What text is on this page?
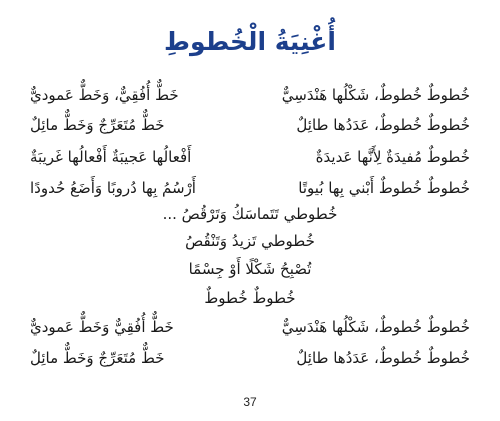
أُغْنِيَةُ الْخُطوطِ
خُطوطٌ خُطوطٌ، شَكْلُها هَنْدَسِيٌّ
خَطٌّ أُفُقِيٌّ، وَخَطٌّ عَموديٌّ
خُطوطٌ خُطوطٌ، عَدَدُها طائِلٌ
خَطٌّ مُتَعَرِّجٌ وَخَطٌّ مائِلٌ
خُطوطٌ مُفيدَةٌ لِأَنَّها عَديدَةٌ
أَفْعالُها عَجيبَةٌ أَفْعالُها غَريبَةٌ
خُطوطٌ خُطوطٌ أَبْني بِها بُيوتًا
أَرْسُمُ بِها دُروبًا وَأَضَعُ حُدودًا
خُطوطي تَتَماسَكُ وَتَرْقُصُ ...
خُطوطي تَزيدُ وَتَنْقُصُ
تُصْبِحُ شَكْلًا أَوْ جِسْمًا
خُطوطٌ خُطوطٌ
خُطوطٌ خُطوطٌ، شَكْلُها هَنْدَسِيٌّ
خَطٌّ أُفُقِيٌّ وَخَطٌّ عَموديٌّ
خُطوطٌ خُطوطٌ، عَدَدُها طائِلٌ
خَطٌّ مُتَعَرِّجٌ وَخَطٌّ مائِلٌ
37
